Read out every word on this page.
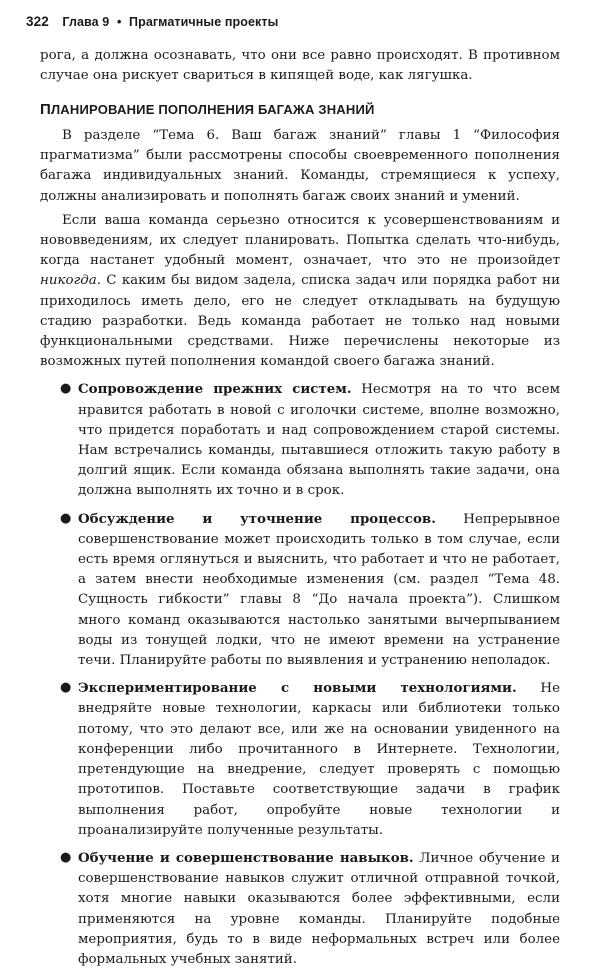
322 Глава 9 • Прагматичные проекты

рога, а должна осознавать, что они все равно происходят. В противном случае она рискует свариться в кипящей воде, как лягушка.

ПЛАНИРОВАНИЕ ПОПОЛНЕНИЯ БАГАЖА ЗНАНИЙ

В разделе “Тема 6. Ваш багаж знаний” главы 1 “Философия прагматизма” были рассмотрены способы своевременного пополнения багажа индивидуальных знаний. Команды, стремящиеся к успеху, должны анализировать и пополнять багаж своих знаний и умений.

Если ваша команда серьезно относится к усовершенствованиям и нововведениям, их следует планировать. Попытка сделать что-нибудь, когда настанет удобный момент, означает, что это не произойдет никогда. С каким бы видом задела, списка задач или порядка работ ни приходилось иметь дело, его не следует откладывать на будущую стадию разработки. Ведь команда работает не только над новыми функциональными средствами. Ниже перечислены некоторые из возможных путей пополнения командой своего багажа знаний.

● Сопровождение прежних систем. Несмотря на то что всем нравится работать в новой с иголочки системе, вполне возможно, что придется поработать и над сопровождением старой системы. Нам встречались команды, пытавшиеся отложить такую работу в долгий ящик. Если команда обязана выполнять такие задачи, она должна выполнять их точно и в срок.
● Обсуждение и уточнение процессов. Непрерывное совершенствование может происходить только в том случае, если есть время оглянуться и выяснить, что работает и что не работает, а затем внести необходимые изменения (см. раздел “Тема 48. Сущность гибкости” главы 8 “До начала проекта”). Слишком много команд оказываются настолько занятыми вычерпыванием воды из тонущей лодки, что не имеют времени на устранение течи. Планируйте работы по выявления и устранению неполадок.
● Экспериментирование с новыми технологиями. Не внедряйте новые технологии, каркасы или библиотеки только потому, что это делают все, или же на основании увиденного на конференции либо прочитанного в Интернете. Технологии, претендующие на внедрение, следует проверять с помощью прототипов. Поставьте соответствующие задачи в график выполнения работ, опробуйте новые технологии и проанализируйте полученные результаты.
● Обучение и совершенствование навыков. Личное обучение и совершенствование навыков служит отличной отправной точкой, хотя многие навыки оказываются более эффективными, если применяются на уровне команды. Планируйте подобные мероприятия, будь то в виде неформальных встреч или более формальных учебных занятий.
